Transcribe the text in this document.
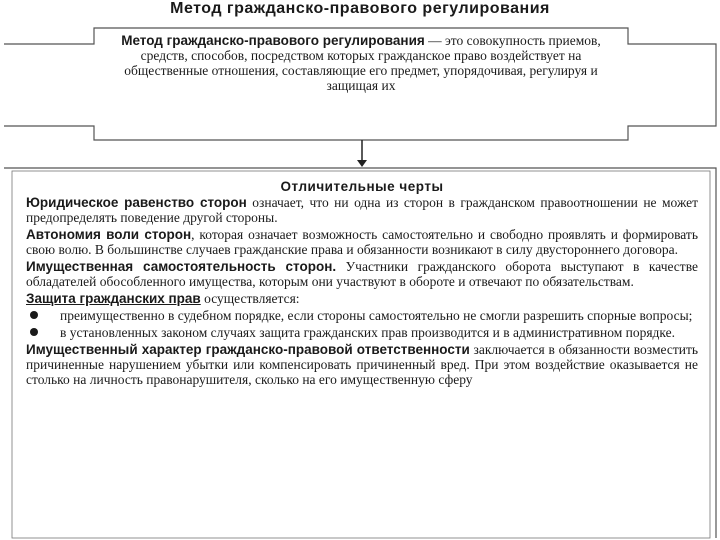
Метод гражданско-правового регулирования
Метод гражданско-правового регулирования — это совокупность приемов, средств, способов, посредством которых гражданское право воздействует на общественные отношения, составляющие его предмет, упорядочивая, регулируя и защищая их
Отличительные черты

Юридическое равенство сторон означает, что ни одна из сторон в гражданском правоотношении не может предопределять поведение другой стороны.

Автономия воли сторон, которая означает возможность самостоятельно и свободно проявлять и формировать свою волю. В большинстве случаев гражданские права и обязанности возникают в силу двустороннего договора.

Имущественная самостоятельность сторон. Участники гражданского оборота выступают в качестве обладателей обособленного имущества, которым они участвуют в обороте и отвечают по обязательствам.

Защита гражданских прав осуществляется:

преимущественно в судебном порядке, если стороны самостоятельно не смогли разрешить спорные вопросы;
в установленных законом случаях защита гражданских прав производится и в административном порядке.

Имущественный характер гражданско-правовой ответственности заключается в обязанности возместить причиненные нарушением убытки или компенсировать причиненный вред. При этом воздействие оказывается не столько на личность правонарушителя, сколько на его имущественную сферу
